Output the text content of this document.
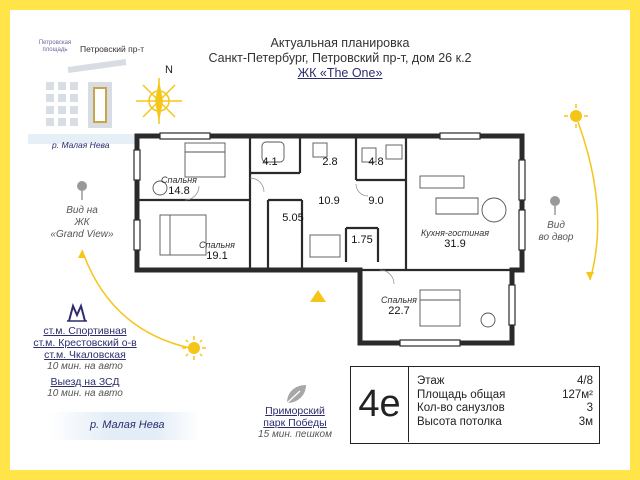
Актуальная планировка
Санкт-Петербург, Петровский пр-т, дом 26 к.2
ЖК «The One»
Петровская
площадь	Петровский пр-т
р. Малая Нева
N
Вид на
ЖК
«Grand View»
Вид
во двор
ст.м. Спортивная
ст.м. Крестовский о-в
ст.м. Чкаловская
10 мин. на авто
Выезд на ЗСД
10 мин. на авто
р. Малая Нева
Приморский
парк Победы
15 мин. пешком
Спальня
14.8
4.1	2.8	4.8
10.9	9.0
5.05
1.75
Спальня
19.1
Кухня-гостиная
31.9
Спальня
22.7
4е
Этаж	4/8
Площадь общая	127м²
Кол-во санузлов	3
Высота потолка	3м
